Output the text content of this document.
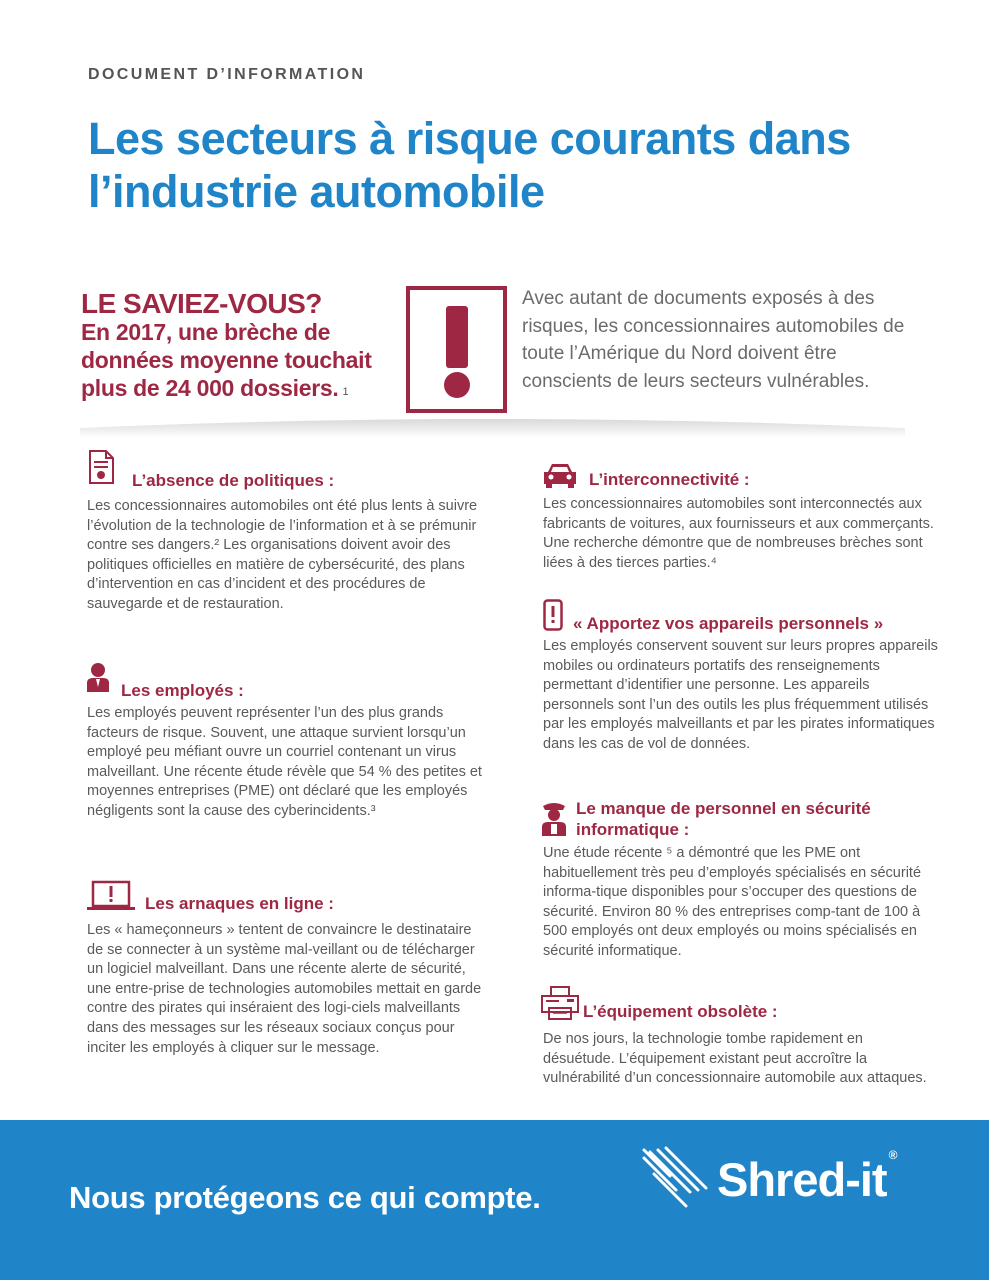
DOCUMENT D’INFORMATION
Les secteurs à risque courants dans l’industrie automobile
LE SAVIEZ-VOUS?
En 2017, une brèche de données moyenne touchait plus de 24 000 dossiers. $^1$
Avec autant de documents exposés à des risques, les concessionnaires automobiles de toute l’Amérique du Nord doivent être conscients de leurs secteurs vulnérables.
L’absence de politiques :
Les concessionnaires automobiles ont été plus lents à suivre l’évolution de la technologie de l’information et à se prémunir contre ses dangers.² Les organisations doivent avoir des politiques officielles en matière de cybersécurité, des plans d’intervention en cas d’incident et des procédures de sauvegarde et de restauration.
Les employés :
Les employés peuvent représenter l’un des plus grands facteurs de risque. Souvent, une attaque survient lorsqu’un employé peu méfiant ouvre un courriel contenant un virus malveillant. Une récente étude révèle que 54 % des petites et moyennes entreprises (PME) ont déclaré que les employés négligents sont la cause des cyberincidents.³
Les arnaques en ligne :
Les « hameçonneurs » tentent de convaincre le destinataire de se connecter à un système mal-veillant ou de télécharger un logiciel malveillant. Dans une récente alerte de sécurité, une entre-prise de technologies automobiles mettait en garde contre des pirates qui inséraient des logi-ciels malveillants dans des messages sur les réseaux sociaux conçus pour inciter les employés à cliquer sur le message.
L’interconnectivité :
Les concessionnaires automobiles sont interconnectés aux fabricants de voitures, aux fournisseurs et aux commerçants. Une recherche démontre que de nombreuses brèches sont liées à des tierces parties.⁴
« Apportez vos appareils personnels »
Les employés conservent souvent sur leurs propres appareils mobiles ou ordinateurs portatifs des renseignements permettant d’identifier une personne. Les appareils personnels sont l’un des outils les plus fréquemment utilisés par les employés malveillants et par les pirates informatiques dans les cas de vol de données.
Le manque de personnel en sécurité informatique :
Une étude récente ⁵ a démontré que les PME ont habituellement très peu d’employés spécialisés en sécurité informa-tique disponibles pour s’occuper des questions de sécurité. Environ 80 % des entreprises comp-tant de 100 à 500 employés ont deux employés ou moins spécialisés en sécurité informatique.
L’équipement obsolète :
De nos jours, la technologie tombe rapidement en désuétude. L’équipement existant peut accroître la vulnérabilité d’un concessionnaire automobile aux attaques.
Nous protégeons ce qui compte.	Shred-it ®
